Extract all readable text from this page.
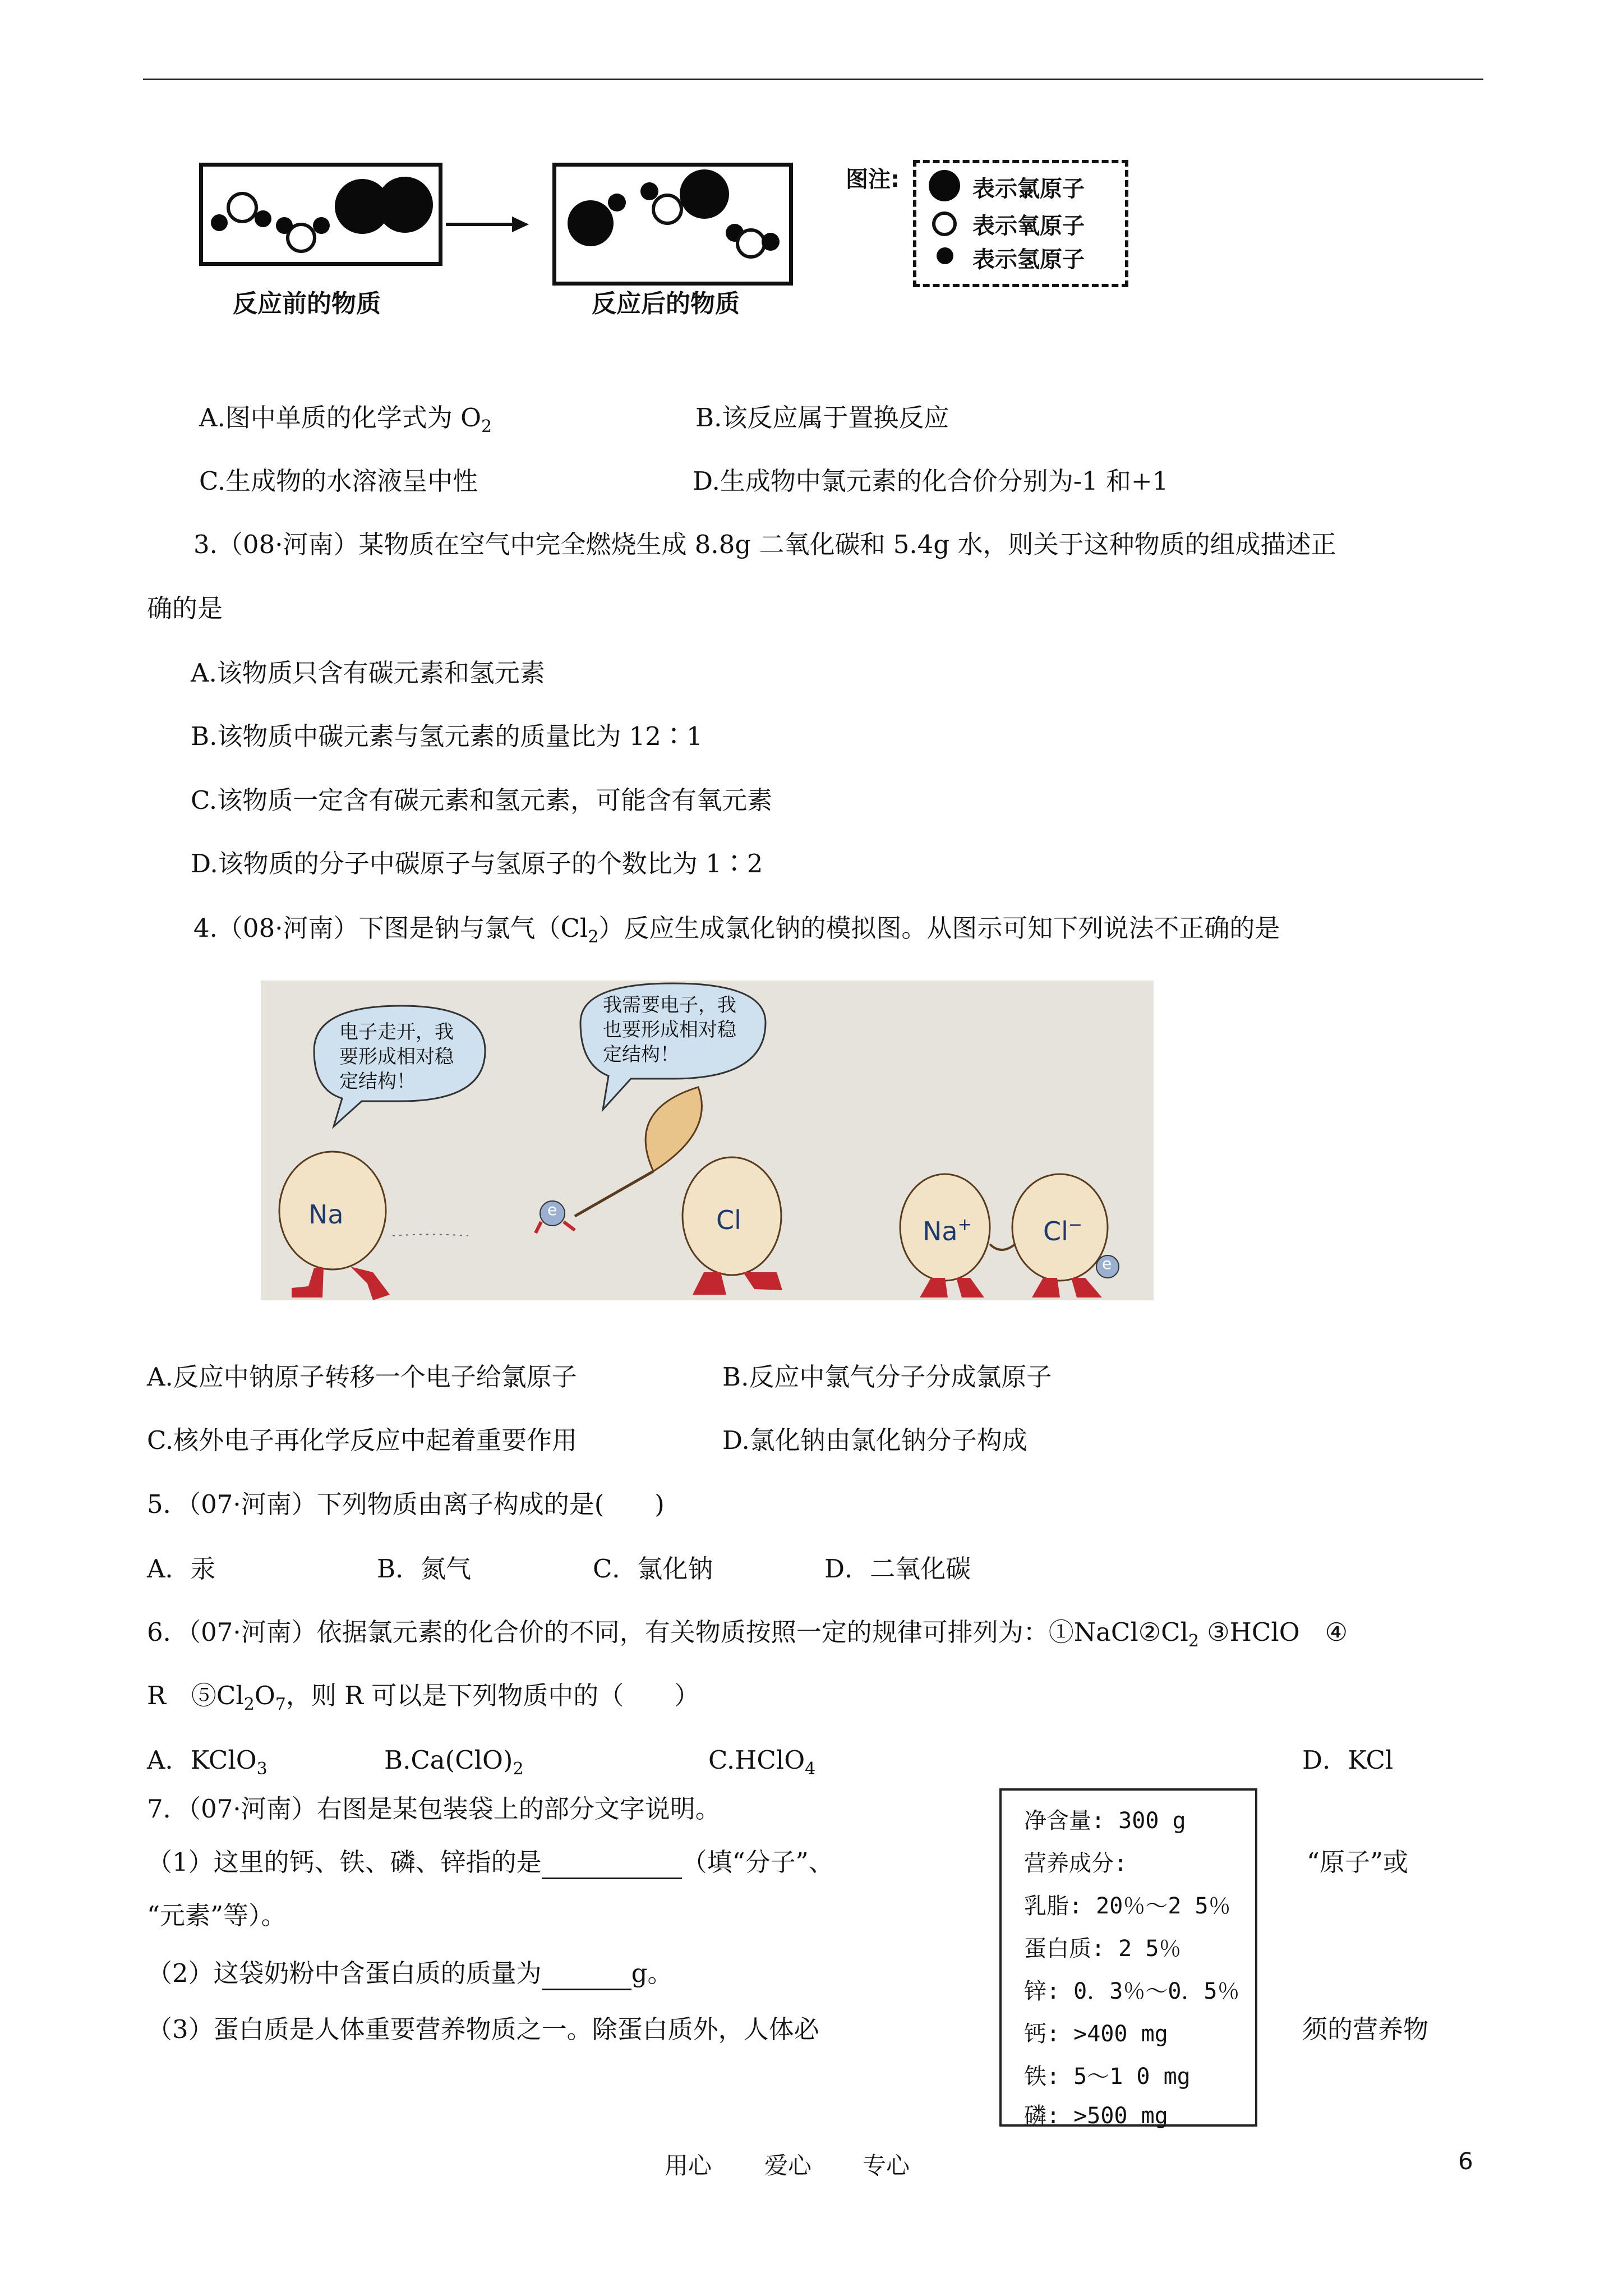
反应前的物质	反应后的物质
图注:	表示氯原子
表示氧原子
表示氢原子
A.图中单质的化学式为 $O_2$	B.该反应属于置换反应
C.生成物的水溶液呈中性	D.生成物中氯元素的化合价分别为-1 和+1
3.（08·河南）某物质在空气中完全燃烧生成 8.8g 二氧化碳和 5.4g 水，则关于这种物质的组成描述正
确的是
A.该物质只含有碳元素和氢元素
B.该物质中碳元素与氢元素的质量比为 12∶1
C.该物质一定含有碳元素和氢元素，可能含有氧元素
D.该物质的分子中碳原子与氢原子的个数比为 1∶2
4.（08·河南）下图是钠与氯气$(Cl_2)$反应生成氯化钠的模拟图。从图示可知下列说法不正确的是
电子走开，我
要形成相对稳
定结构！
我需要电子，我
也要形成相对稳
定结构！
Na	e	Cl	Na+	Cl−
e
A.反应中钠原子转移一个电子给氯原子	B.反应中氯气分子分成氯原子
C.核外电子再化学反应中起着重要作用	D.氯化钠由氯化钠分子构成
5．（07·河南）下列物质由离子构成的是(　　)
A．汞	B．氮气	C．氯化钠	D．二氧化碳
6．（07·河南）依据氯元素的化合价的不同，有关物质按照一定的规律可排列为：$①NaCl②Cl_2$ ③HClO　④
R　$⑤Cl_2O_7$，则 R 可以是下列物质中的（　　）
A．KClO$_3$	$B.Ca(ClO)_2$	C.HClO$_4$	D．KCl
7．（07·河南）右图是某包装袋上的部分文字说明。
（1）这里的钙、铁、磷、锌指的是	（填“分子”、	“原子”或
“元素”等）。
（2）这袋奶粉中含蛋白质的质量为	g。
（3）蛋白质是人体重要营养物质之一。除蛋白质外，人体必	须的营养物
净含量: 300 g
营养成分:
乳脂: 20％～2 5％
蛋白质: 2 5％
锌: 0．3％～0．5％
钙: >400 mg
铁: 5～1 0 mg
磷: >500 mg
用心 爱心 专心	6
